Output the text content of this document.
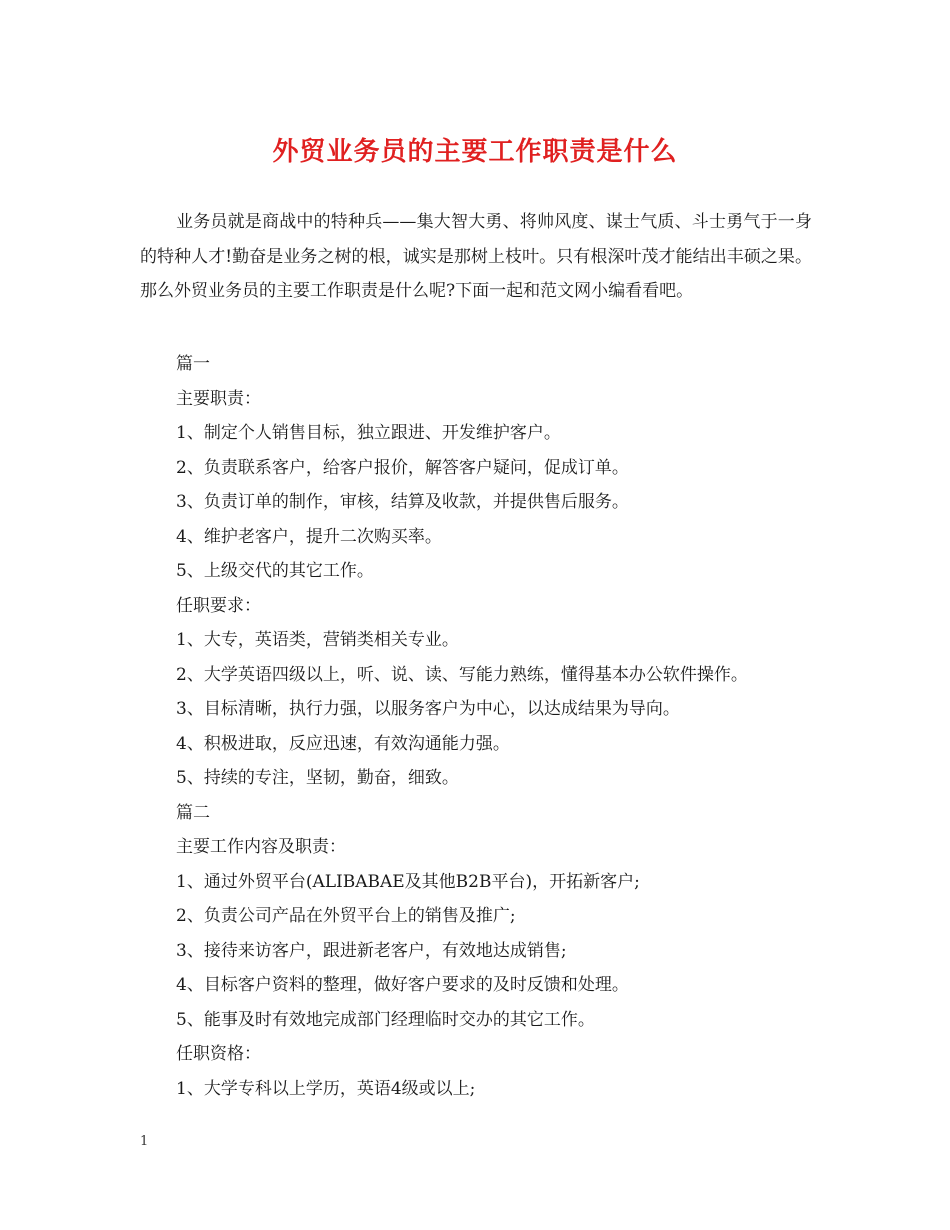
外贸业务员的主要工作职责是什么

业务员就是商战中的特种兵——集大智大勇、将帅风度、谋士气质、斗士勇气于一身的特种人才!勤奋是业务之树的根，诚实是那树上枝叶。只有根深叶茂才能结出丰硕之果。那么外贸业务员的主要工作职责是什么呢?下面一起和范文网小编看看吧。

篇一
主要职责：
1、制定个人销售目标，独立跟进、开发维护客户。
2、负责联系客户，给客户报价，解答客户疑问，促成订单。
3、负责订单的制作，审核，结算及收款，并提供售后服务。
4、维护老客户，提升二次购买率。
5、上级交代的其它工作。
任职要求：
1、大专，英语类，营销类相关专业。
2、大学英语四级以上，听、说、读、写能力熟练，懂得基本办公软件操作。
3、目标清晰，执行力强，以服务客户为中心，以达成结果为导向。
4、积极进取，反应迅速，有效沟通能力强。
5、持续的专注，坚韧，勤奋，细致。
篇二
主要工作内容及职责：
1、通过外贸平台(ALIBABAE及其他B2B平台)，开拓新客户;
2、负责公司产品在外贸平台上的销售及推广;
3、接待来访客户，跟进新老客户，有效地达成销售;
4、目标客户资料的整理，做好客户要求的及时反馈和处理。
5、能事及时有效地完成部门经理临时交办的其它工作。
任职资格：
1、大学专科以上学历，英语4级或以上;
1
